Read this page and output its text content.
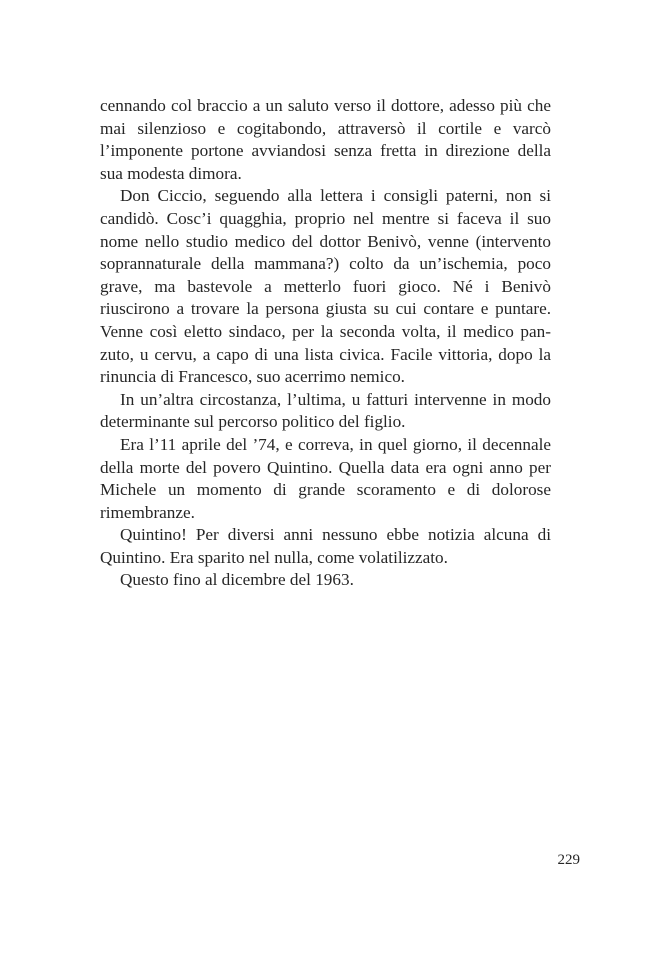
cennando col braccio a un saluto verso il dottore, adesso più che mai silenzioso e cogitabondo, attraversò il cortile e varcò l’imponente portone avviandosi senza fretta in direzione della sua modesta dimora.

Don Ciccio, seguendo alla lettera i consigli paterni, non si candidò. Cosc’i quagghia, proprio nel mentre si faceva il suo nome nello studio medico del dottor Benivò, venne (intervento soprannaturale della mammana?) colto da un’ischemia, poco grave, ma bastevole a metterlo fuori gioco. Né i Benivò riuscirono a trovare la persona giusta su cui contare e puntare. Venne così eletto sindaco, per la seconda volta, il medico panzuto, u cervu, a capo di una lista civica. Facile vittoria, dopo la rinuncia di Francesco, suo acerrimo nemico.

In un’altra circostanza, l’ultima, u fatturi intervenne in modo determinante sul percorso politico del figlio.

Era l’11 aprile del ’74, e correva, in quel giorno, il decennale della morte del povero Quintino. Quella data era ogni anno per Michele un momento di grande scoramento e di dolorose rimembranze.

Quintino! Per diversi anni nessuno ebbe notizia alcuna di Quintino. Era sparito nel nulla, come volatilizzato.

Questo fino al dicembre del 1963.

229
